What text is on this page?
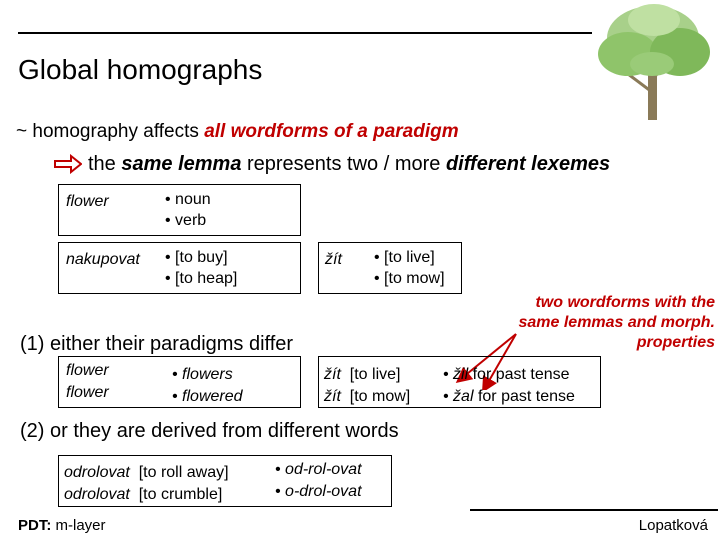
Global homographs
~ homography affects all wordforms of a paradigm
the same lemma represents two / more different lexemes
flower	• noun
• verb
nakupovat • [to buy]
• [to heap]
žít • [to live]
• [to mow]
two wordforms with the same lemmas and morph. properties
(1) either their paradigms differ
flower
flower
• flowers
• flowered
žít [to live]
žít [to mow]
• žil for past tense
• žal for past tense
(2) or they are derived from different words
odrolovat [to roll away]
odrolovat [to crumble]
• od-rol-ovat
• o-drol-ovat
PDT: m-layer	Lopatková
